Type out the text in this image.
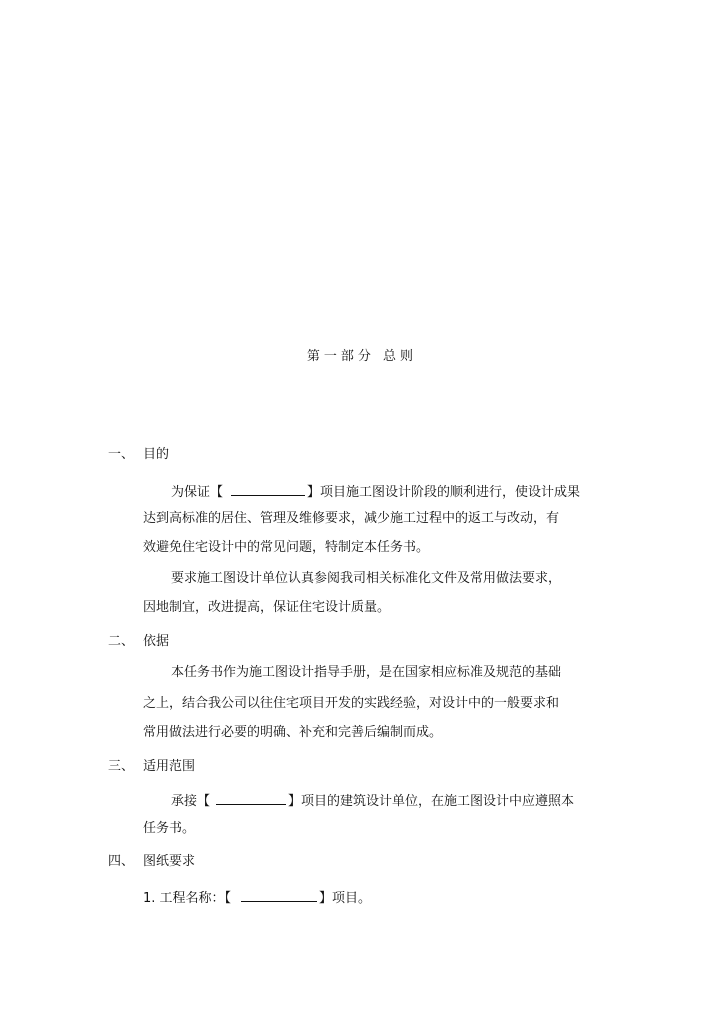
第一部分 总则
一、 目的
为保证【	】项目施工图设计阶段的顺利进行，使设计成果
达到高标准的居住、管理及维修要求，减少施工过程中的返工与改动，有
效避免住宅设计中的常见问题，特制定本任务书。
要求施工图设计单位认真参阅我司相关标准化文件及常用做法要求，
因地制宜，改进提高，保证住宅设计质量。
二、 依据
本任务书作为施工图设计指导手册，是在国家相应标准及规范的基础
之上，结合我公司以往住宅项目开发的实践经验，对设计中的一般要求和
常用做法进行必要的明确、补充和完善后编制而成。
三、 适用范围
承接【	】项目的建筑设计单位，在施工图设计中应遵照本
任务书。
四、 图纸要求
1. 工程名称：【	】项目。
